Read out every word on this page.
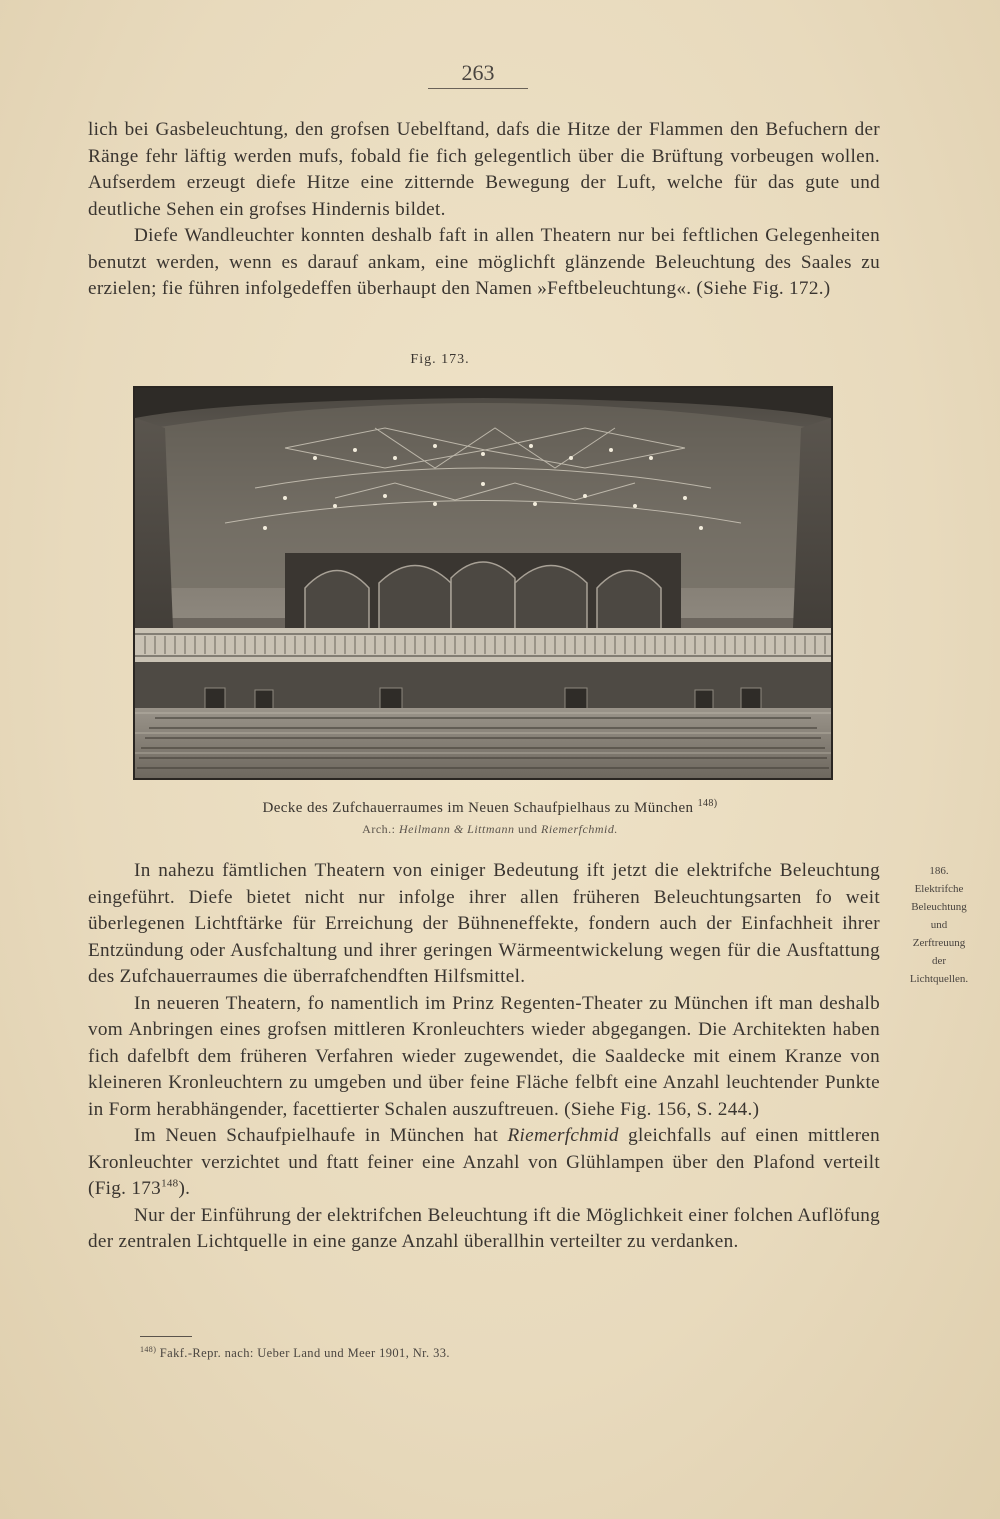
263

lich bei Gasbeleuchtung, den grofsen Uebelftand, dafs die Hitze der Flammen den Befuchern der Ränge fehr läftig werden mufs, fobald fie fich gelegentlich über die Brüftung vorbeugen wollen. Aufserdem erzeugt diefe Hitze eine zitternde Bewegung der Luft, welche für das gute und deutliche Sehen ein grofses Hindernis bildet.

Diefe Wandleuchter konnten deshalb faft in allen Theatern nur bei feftlichen Gelegenheiten benutzt werden, wenn es darauf ankam, eine möglichft glänzende Beleuchtung des Saales zu erzielen; fie führen infolgedeffen überhaupt den Namen »Feftbeleuchtung«. (Siehe Fig. 172.)

Fig. 173.
Decke des Zufchauerraumes im Neuen Schaufpielhaus zu München $^{148)}$
Arch.: Heilmann & Littmann und Riemerfchmid.

In nahezu fämtlichen Theatern von einiger Bedeutung ift jetzt die elektrifche Beleuchtung eingeführt. Diefe bietet nicht nur infolge ihrer allen früheren Beleuchtungsarten fo weit überlegenen Lichtftärke für Erreichung der Bühneneffekte, fondern auch der Einfachheit ihrer Entzündung oder Ausfchaltung und ihrer geringen Wärmeentwickelung wegen für die Ausftattung des Zufchauerraumes die überrafchendften Hilfsmittel.

In neueren Theatern, fo namentlich im Prinz Regenten-Theater zu München ift man deshalb vom Anbringen eines grofsen mittleren Kronleuchters wieder abgegangen. Die Architekten haben fich dafelbft dem früheren Verfahren wieder zugewendet, die Saaldecke mit einem Kranze von kleineren Kronleuchtern zu umgeben und über feine Fläche felbft eine Anzahl leuchtender Punkte in Form herabhängender, facettierter Schalen auszuftreuen. (Siehe Fig. 156, S. 244.)

Im Neuen Schaufpielhaufe in München hat Riemerfchmid gleichfalls auf einen mittleren Kronleuchter verzichtet und ftatt feiner eine Anzahl von Glühlampen über den Plafond verteilt (Fig. $173^{148}$).

Nur der Einführung der elektrifchen Beleuchtung ift die Möglichkeit einer folchen Auflöfung der zentralen Lichtquelle in eine ganze Anzahl überallhin verteilter zu verdanken.

186.
Elektrifche
Beleuchtung
und
Zerftreuung
der
Lichtquellen.
$^{148)}$ Fakf.-Repr. nach: Ueber Land und Meer 1901, Nr. 33.
